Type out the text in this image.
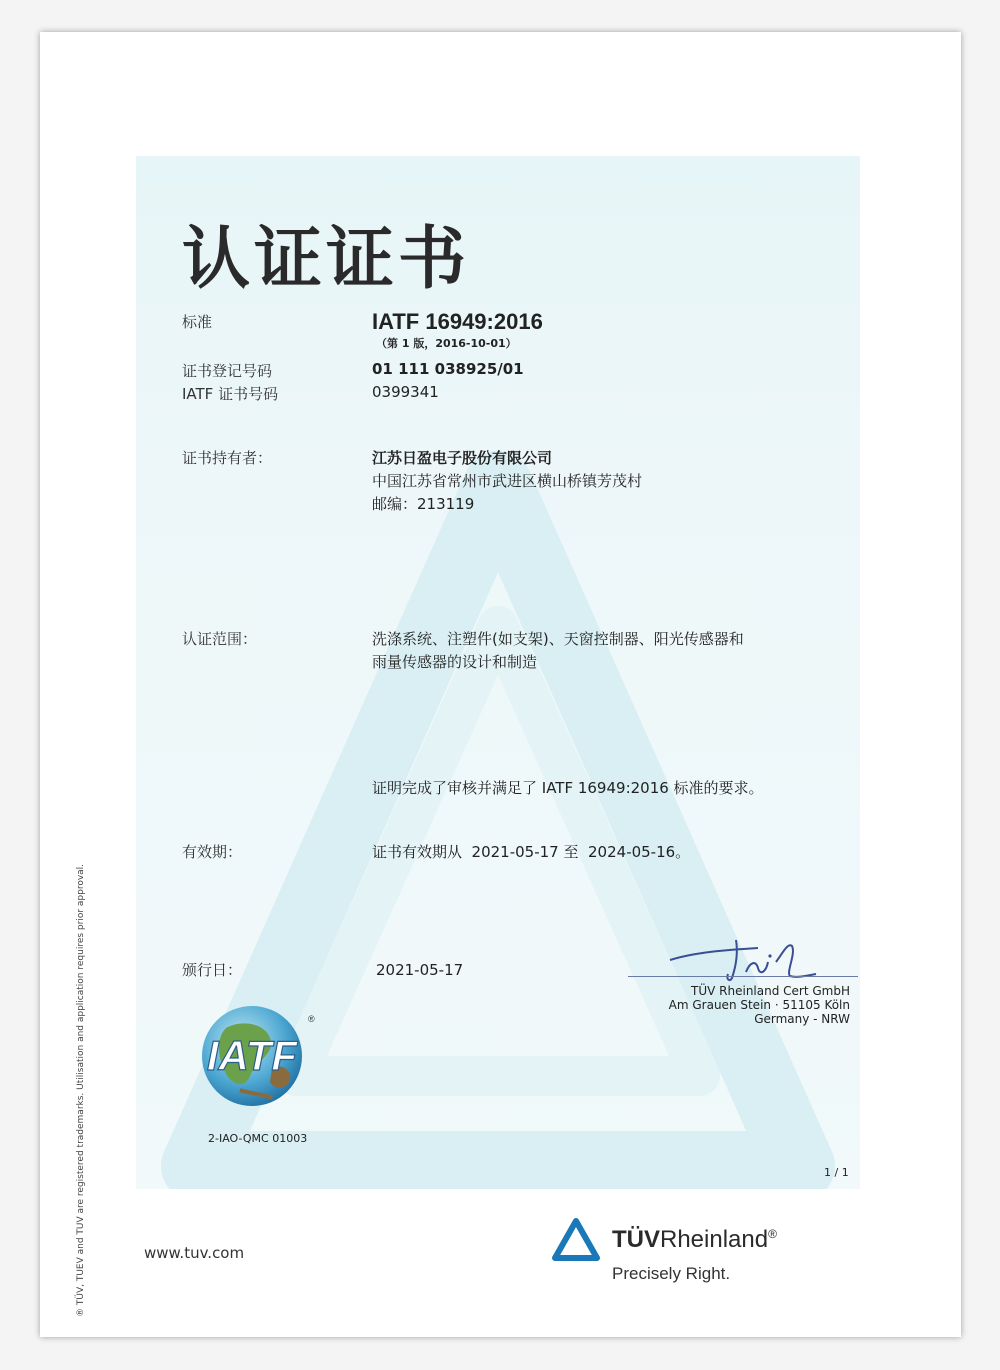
认证证书
标准	IATF 16949:2016
（第 1 版，2016-10-01）
证书登记号码	01 111 038925/01
IATF 证书号码	0399341
证书持有者：	江苏日盈电子股份有限公司
中国江苏省常州市武进区横山桥镇芳茂村
邮编：213119
认证范围：	洗涤系统、注塑件(如支架)、天窗控制器、阳光传感器和
雨量传感器的设计和制造
证明完成了审核并满足了 IATF 16949:2016 标准的要求。
有效期：	证书有效期从  2021-05-17 至  2024-05-16。
颁行日：	2021-05-17
TÜV Rheinland Cert GmbH
Am Grauen Stein · 51105 Köln
Germany - NRW
IATF
®
2-IAO-QMC 01003
1 / 1
www.tuv.com	TÜVRheinland®
Precisely Right.
® TÜV, TUEV and TUV are registered trademarks. Utilisation and application requires prior approval.
